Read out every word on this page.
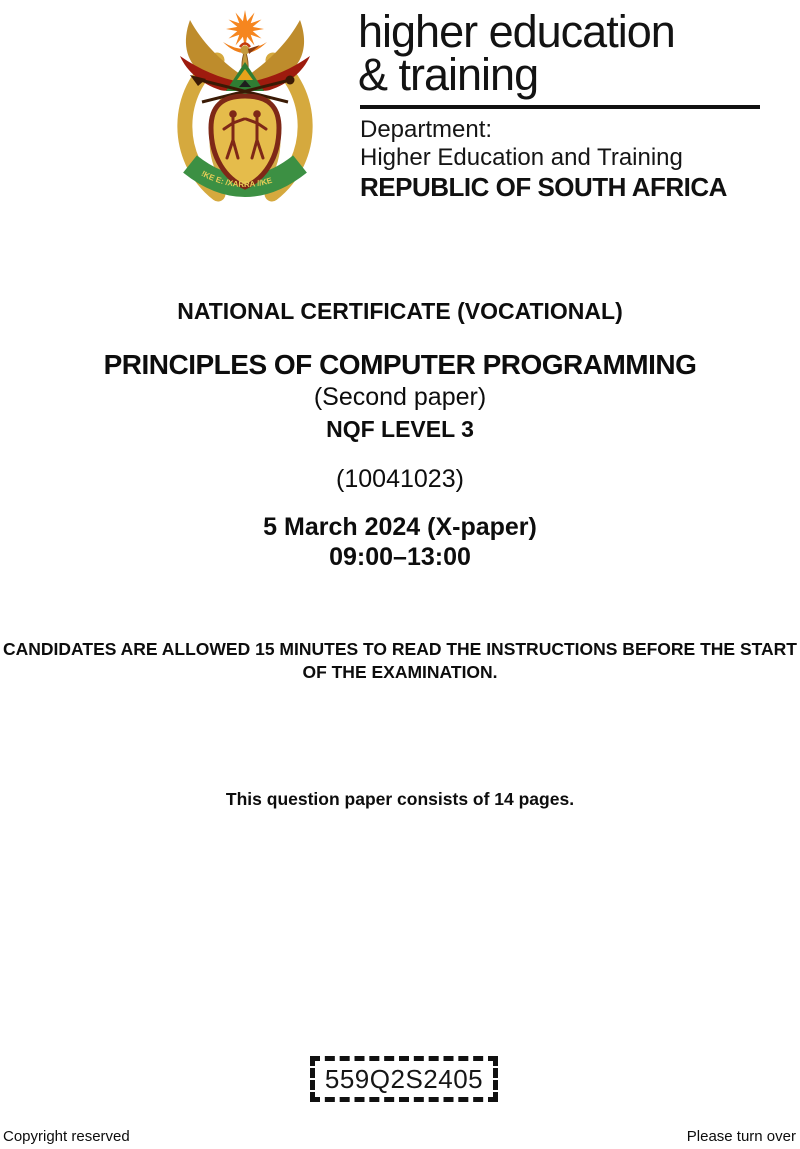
!KE E: /XARRA //KE
higher education
& training
Department:
Higher Education and Training
REPUBLIC OF SOUTH AFRICA
NATIONAL CERTIFICATE (VOCATIONAL)
PRINCIPLES OF COMPUTER PROGRAMMING
(Second paper)
NQF LEVEL 3
(10041023)
5 March 2024 (X-paper)
09:00–13:00
CANDIDATES ARE ALLOWED 15 MINUTES TO READ THE INSTRUCTIONS BEFORE THE START OF THE EXAMINATION.
This question paper consists of 14 pages.
559Q2S2405
Copyright reserved	Please turn over
